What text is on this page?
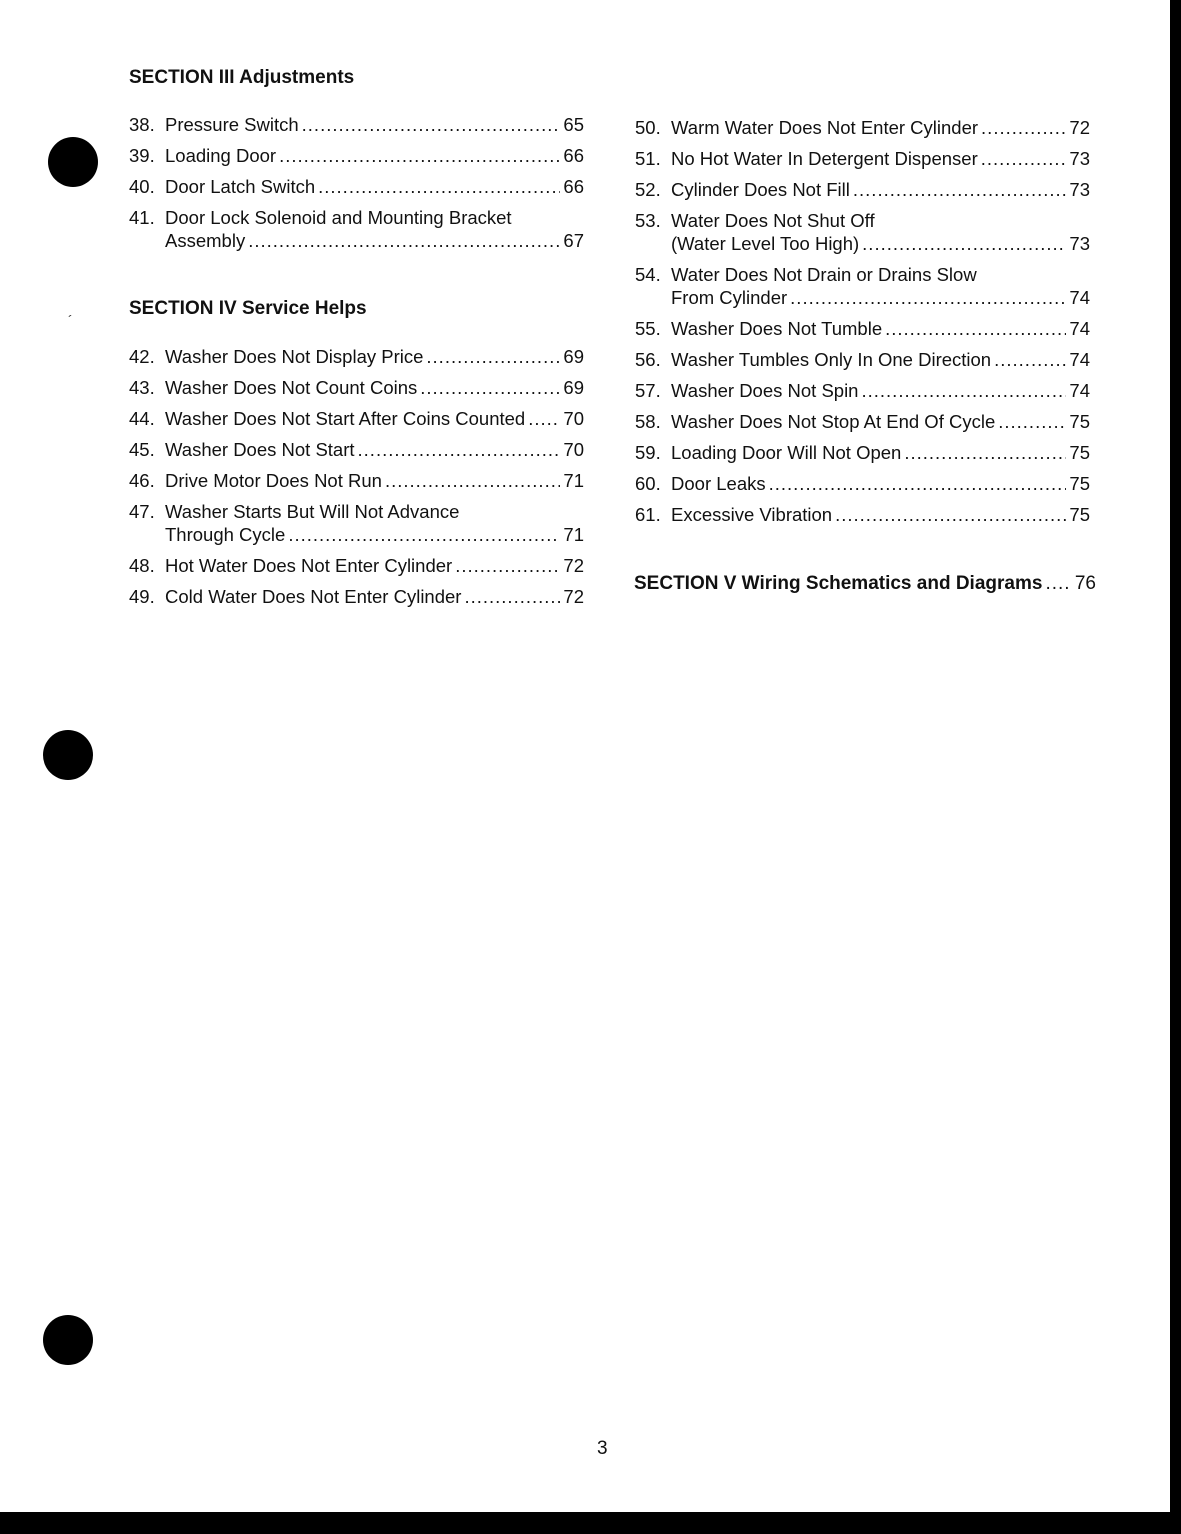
´
SECTION III Adjustments
38. Pressure Switch .....	65
39. Loading Door .....	66
40. Door Latch Switch .....	66
41. Door Lock Solenoid and Mounting Bracket
Assembly .....	67
SECTION IV Service Helps
42. Washer Does Not Display Price .....	69
43. Washer Does Not Count Coins .....	69
44. Washer Does Not Start After Coins Counted ..... 70
45. Washer Does Not Start .....	70
46. Drive Motor Does Not Run .....	71
47. Washer Starts But Will Not Advance
Through Cycle .....	71
48. Hot Water Does Not Enter Cylinder .....	72
49. Cold Water Does Not Enter Cylinder .....	72
50. Warm Water Does Not Enter Cylinder .....	72
51. No Hot Water In Detergent Dispenser .....	73
52. Cylinder Does Not Fill .....	73
53. Water Does Not Shut Off
(Water Level Too High) .....	73
54. Water Does Not Drain or Drains Slow
From Cylinder .....	74
55. Washer Does Not Tumble .....	74
56. Washer Tumbles Only In One Direction .....	74
57. Washer Does Not Spin .....	74
58. Washer Does Not Stop At End Of Cycle .....	75
59. Loading Door Will Not Open .....	75
60. Door Leaks .....	75
61. Excessive Vibration .....	75
SECTION V Wiring Schematics and Diagrams ..... 76
3
